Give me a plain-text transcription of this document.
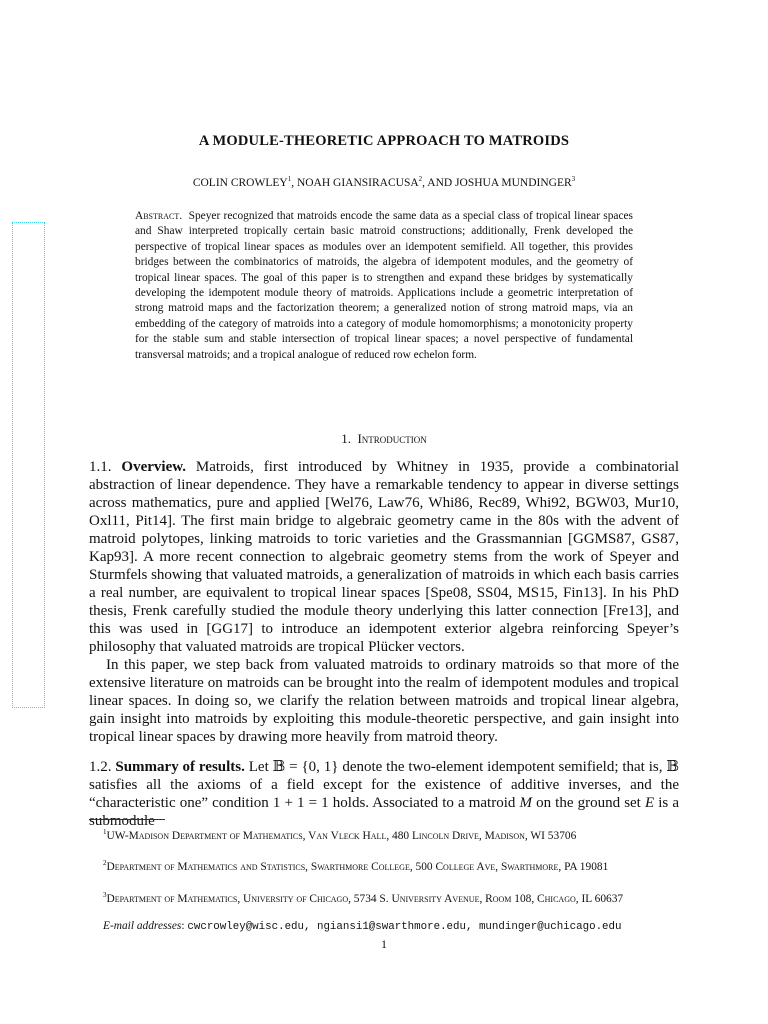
A MODULE-THEORETIC APPROACH TO MATROIDS
COLIN CROWLEY$^1$, NOAH GIANSIRACUSA$^2$, AND JOSHUA MUNDINGER$^3$

Abstract. Speyer recognized that matroids encode the same data as a special class of tropical linear spaces and Shaw interpreted tropically certain basic matroid constructions; additionally, Frenk developed the perspective of tropical linear spaces as modules over an idempotent semifield. All together, this provides bridges between the combinatorics of matroids, the algebra of idempotent modules, and the geometry of tropical linear spaces. The goal of this paper is to strengthen and expand these bridges by systematically developing the idempotent module theory of matroids. Applications include a geometric interpretation of strong matroid maps and the factorization theorem; a generalized notion of strong matroid maps, via an embedding of the category of matroids into a category of module homomorphisms; a monotonicity property for the stable sum and stable intersection of tropical linear spaces; a novel perspective of fundamental transversal matroids; and a tropical analogue of reduced row echelon form.

1. Introduction

1.1. Overview. Matroids, first introduced by Whitney in 1935, provide a combinatorial abstraction of linear dependence. They have a remarkable tendency to appear in diverse settings across mathematics, pure and applied [Wel76, Law76, Whi86, Rec89, Whi92, BGW03, Mur10, Oxl11, Pit14]. The first main bridge to algebraic geometry came in the 80s with the advent of matroid polytopes, linking matroids to toric varieties and the Grassmannian [GGMS87, GS87, Kap93]. A more recent connection to algebraic geometry stems from the work of Speyer and Sturmfels showing that valuated matroids, a generalization of matroids in which each basis carries a real number, are equivalent to tropical linear spaces [Spe08, SS04, MS15, Fin13]. In his PhD thesis, Frenk carefully studied the module theory underlying this latter connection [Fre13], and this was used in [GG17] to introduce an idempotent exterior algebra reinforcing Speyer’s philosophy that valuated matroids are tropical Plücker vectors.

In this paper, we step back from valuated matroids to ordinary matroids so that more of the extensive literature on matroids can be brought into the realm of idempotent modules and tropical linear spaces. In doing so, we clarify the relation between matroids and tropical linear algebra, gain insight into matroids by exploiting this module-theoretic perspective, and gain insight into tropical linear spaces by drawing more heavily from matroid theory.

1.2. Summary of results. Let 𝔹 = {0, 1} denote the two-element idempotent semifield; that is, 𝔹 satisfies all the axioms of a field except for the existence of additive inverses, and the “characteristic one” condition 1 + 1 = 1 holds. Associated to a matroid M on the ground set E is a submodule

$^1$UW-Madison Department of Mathematics, Van Vleck Hall, 480 Lincoln Drive, Madison, WI 53706

$^2$Department of Mathematics and Statistics, Swarthmore College, 500 College Ave, Swarthmore, PA 19081

$^3$Department of Mathematics, University of Chicago, 5734 S. University Avenue, Room 108, Chicago, IL 60637

E-mail addresses: cwcrowley@wisc.edu, ngiansi1@swarthmore.edu, mundinger@uchicago.edu

1
